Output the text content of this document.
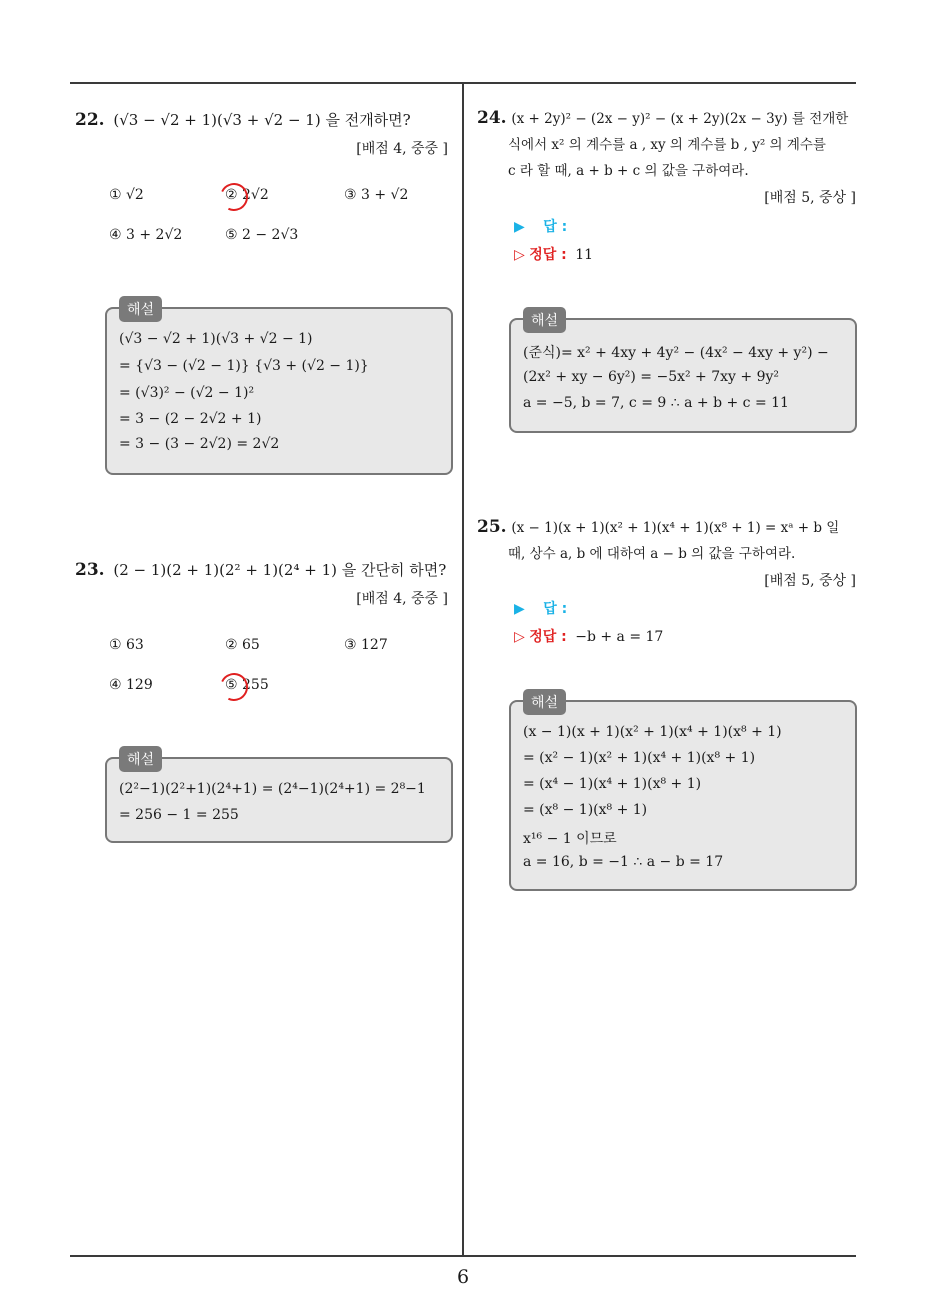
22. (√3 − √2 + 1)(√3 + √2 − 1) 을 전개하면?
[배점 4, 중중 ]
① √2	② 2√2	③ 3 + √2
④ 3 + 2√2	⑤ 2 − 2√3
(√3 − √2 + 1)(√3 + √2 − 1)
= {√3 − (√2 − 1)} {√3 + (√2 − 1)}
= (√3)² − (√2 − 1)²
= 3 − (2 − 2√2 + 1)
= 3 − (3 − 2√2) = 2√2
해설
23. (2 − 1)(2 + 1)(2² + 1)(2⁴ + 1) 을 간단히 하면?
[배점 4, 중중 ]
① 63	② 65	③ 127
④ 129	⑤ 255
(2²−1)(2²+1)(2⁴+1) = (2⁴−1)(2⁴+1) = 2⁸−1
= 256 − 1 = 255
해설
24. (x + 2y)² − (2x − y)² − (x + 2y)(2x − 3y) 를 전개한
식에서 x² 의 계수를 a , xy 의 계수를 b , y² 의 계수를
c 라 할 때, a + b + c 의 값을 구하여라.
[배점 5, 중상 ]
▶ 답 :
▷ 정답 : 11
(준식)= x² + 4xy + 4y² − (4x² − 4xy + y²) −
(2x² + xy − 6y²) = −5x² + 7xy + 9y²
a = −5, b = 7, c = 9 ∴ a + b + c = 11
해설
25. (x − 1)(x + 1)(x² + 1)(x⁴ + 1)(x⁸ + 1) = xᵃ + b 일
때, 상수 a, b 에 대하여 a − b 의 값을 구하여라.
[배점 5, 중상 ]
▶ 답 :
▷ 정답 : −b + a = 17
(x − 1)(x + 1)(x² + 1)(x⁴ + 1)(x⁸ + 1)
= (x² − 1)(x² + 1)(x⁴ + 1)(x⁸ + 1)
= (x⁴ − 1)(x⁴ + 1)(x⁸ + 1)
= (x⁸ − 1)(x⁸ + 1)
x¹⁶ − 1 이므로
a = 16, b = −1 ∴ a − b = 17
해설
6
